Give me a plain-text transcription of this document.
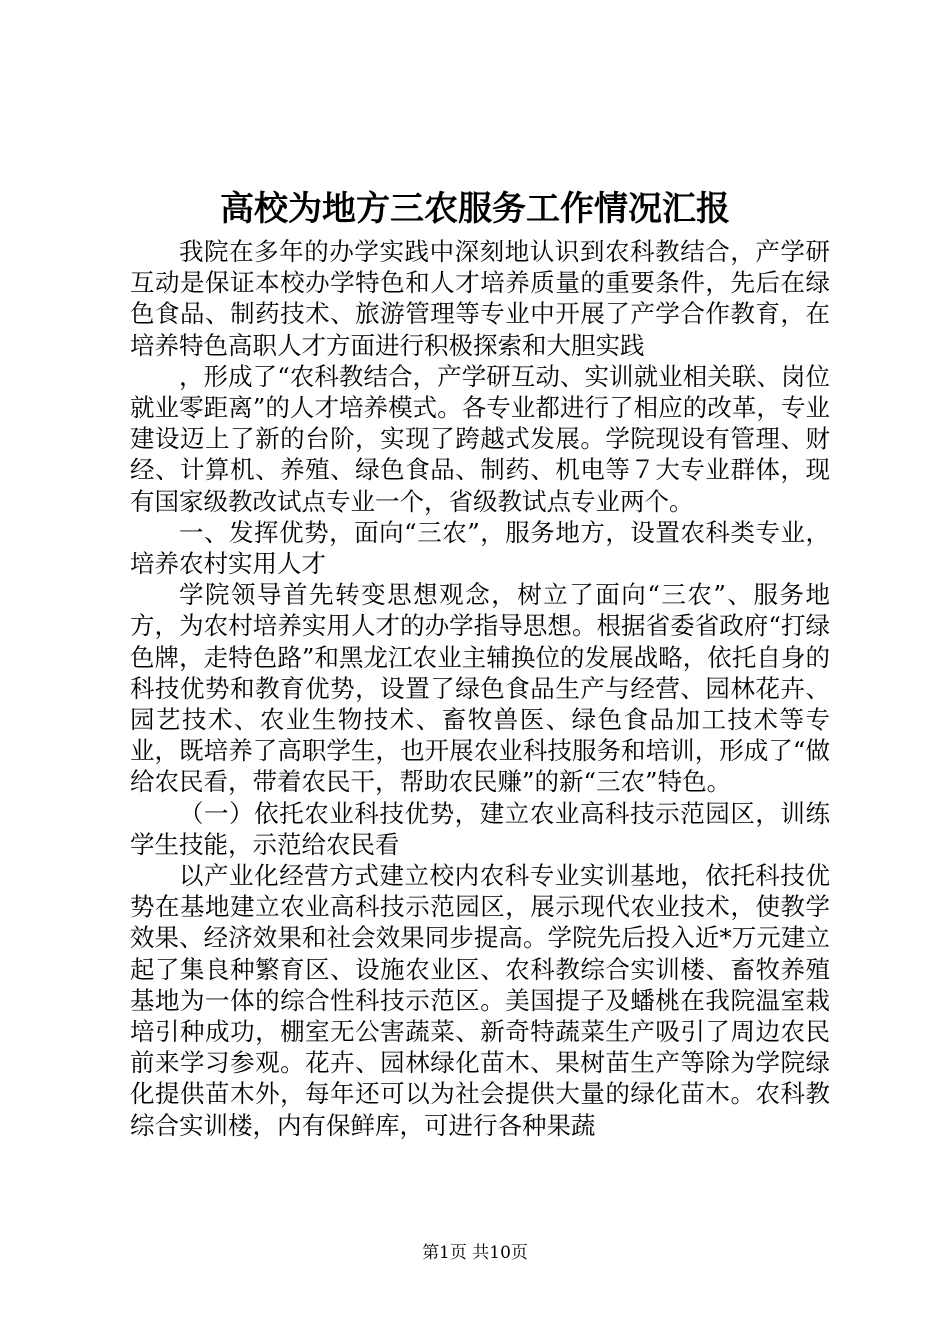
高校为地方三农服务工作情况汇报

我院在多年的办学实践中深刻地认识到农科教结合，产学研互动是保证本校办学特色和人才培养质量的重要条件，先后在绿色食品、制药技术、旅游管理等专业中开展了产学合作教育，在培养特色高职人才方面进行积极探索和大胆实践

，形成了“农科教结合，产学研互动、实训就业相关联、岗位就业零距离”的人才培养模式。各专业都进行了相应的改革，专业建设迈上了新的台阶，实现了跨越式发展。学院现设有管理、财经、计算机、养殖、绿色食品、制药、机电等７大专业群体，现有国家级教改试点专业一个，省级教试点专业两个。

一、发挥优势，面向“三农”，服务地方，设置农科类专业，培养农村实用人才

学院领导首先转变思想观念，树立了面向“三农”、服务地方，为农村培养实用人才的办学指导思想。根据省委省政府“打绿色牌，走特色路”和黑龙江农业主辅换位的发展战略，依托自身的科技优势和教育优势，设置了绿色食品生产与经营、园林花卉、园艺技术、农业生物技术、畜牧兽医、绿色食品加工技术等专业，既培养了高职学生，也开展农业科技服务和培训，形成了“做给农民看，带着农民干，帮助农民赚”的新“三农”特色。

（一）依托农业科技优势，建立农业高科技示范园区，训练学生技能，示范给农民看

以产业化经营方式建立校内农科专业实训基地，依托科技优势在基地建立农业高科技示范园区，展示现代农业技术，使教学效果、经济效果和社会效果同步提高。学院先后投入近*万元建立起了集良种繁育区、设施农业区、农科教综合实训楼、畜牧养殖基地为一体的综合性科技示范区。美国提子及蟠桃在我院温室栽培引种成功，棚室无公害蔬菜、新奇特蔬菜生产吸引了周边农民前来学习参观。花卉、园林绿化苗木、果树苗生产等除为学院绿化提供苗木外，每年还可以为社会提供大量的绿化苗木。农科教综合实训楼，内有保鲜库，可进行各种果蔬

第1页 共10页
